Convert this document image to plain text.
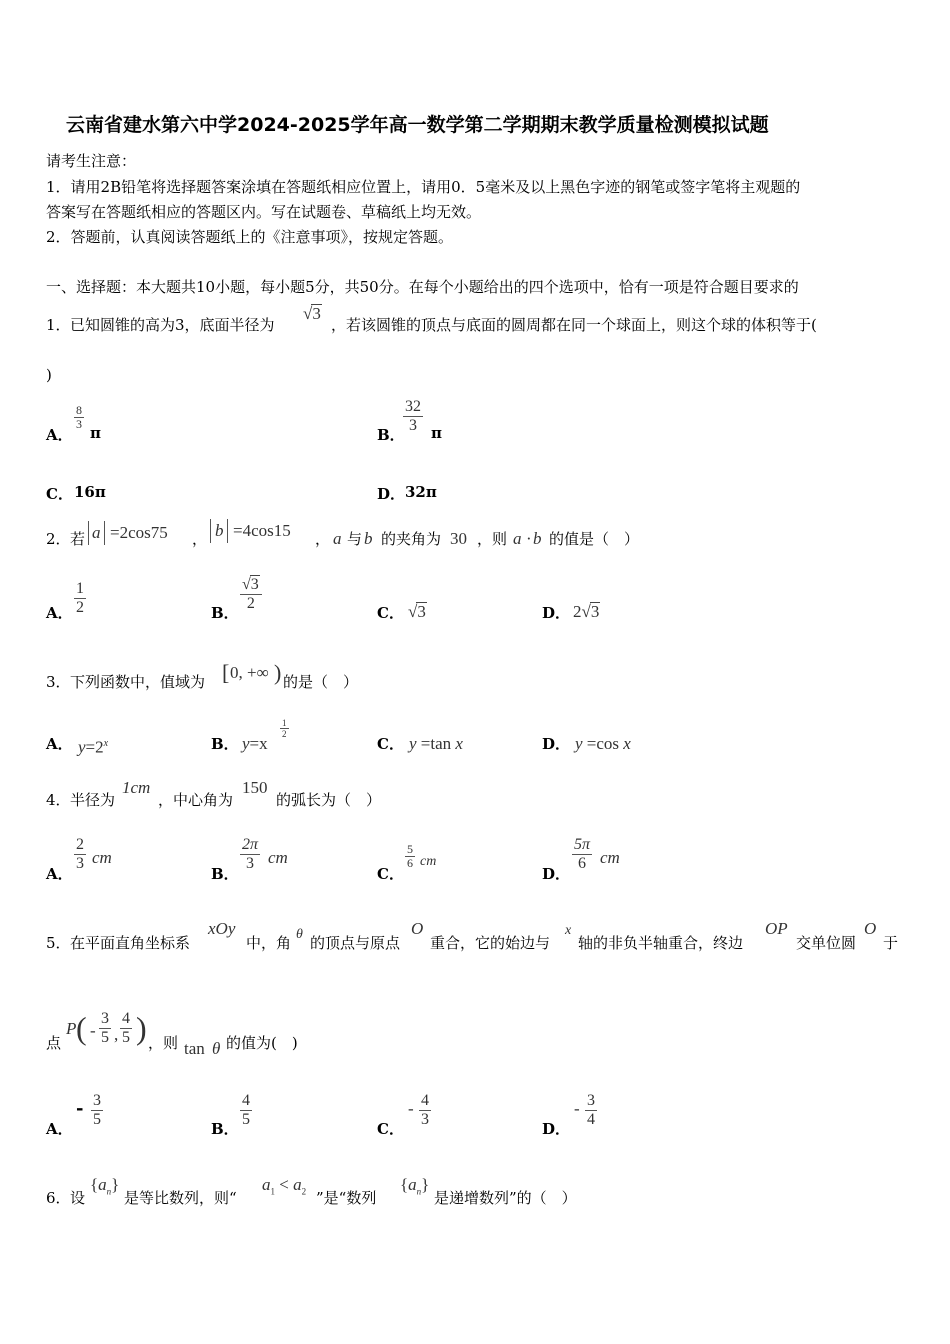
云南省建水第六中学2024-2025学年高一数学第二学期期末教学质量检测模拟试题
请考生注意：
1．请用2B铅笔将选择题答案涂填在答题纸相应位置上，请用0．5毫米及以上黑色字迹的钢笔或签字笔将主观题的
答案写在答题纸相应的答题区内。写在试题卷、草稿纸上均无效。
2．答题前，认真阅读答题纸上的《注意事项》，按规定答题。
一、选择题：本大题共10小题，每小题5分，共50分。在每个小题给出的四个选项中，恰有一项是符合题目要求的
1． 已知圆锥的高为3，底面半径为
√3
，若该圆锥的顶点与底面的圆周都在同一个球面上，则这个球的体积等于(
)
A．
$\frac{8}{3}$
π	B．
$\frac{32}{3}$ π
C． 16π	D． 32π
2． 若 a =2cos75 ， b =4cos15 ， a 与 b 的夹角为 30 ，则 a · b 的值是（　）
A． $\frac{1}{2}$	B． $\frac{√3}{2}$	C． √3	D． 2√3
3． 下列函数中，值域为 [ 0, +∞ ) 的是（　）
A． $y=2^x$	B． y=x
$\frac{1}{2}$
C． y =tan x	D． y =cos x
4． 半径为
1cm
，中心角为
150
的弧长为（　）
A．
$\frac{2}{3}$ cm
B．
$\frac{2\pi}{3}$ cm
C．
$\frac{5}{6}$ cm
D．
$\frac{5\pi}{6}$ cm
5． 在平面直角坐标系
xOy
中，角 θ 的顶点与原点
O
重合，它的始边与
x
轴的非负半轴重合，终边
OP
交单位圆
O
于
点
P ( - $\frac{3}{5}$ , $\frac{4}{5}$ ) ，则 tan θ 的值为(　)
A．
- $\frac{3}{5}$	B． $\frac{4}{5}$	C．
- $\frac{4}{3}$	D．
- $\frac{3}{4}$
6． 设
$\{a_n\}$
是等比数列，则“
$a_1 < a_2$ ”是“数列
$\{a_n\}$
是递增数列”的（　）
